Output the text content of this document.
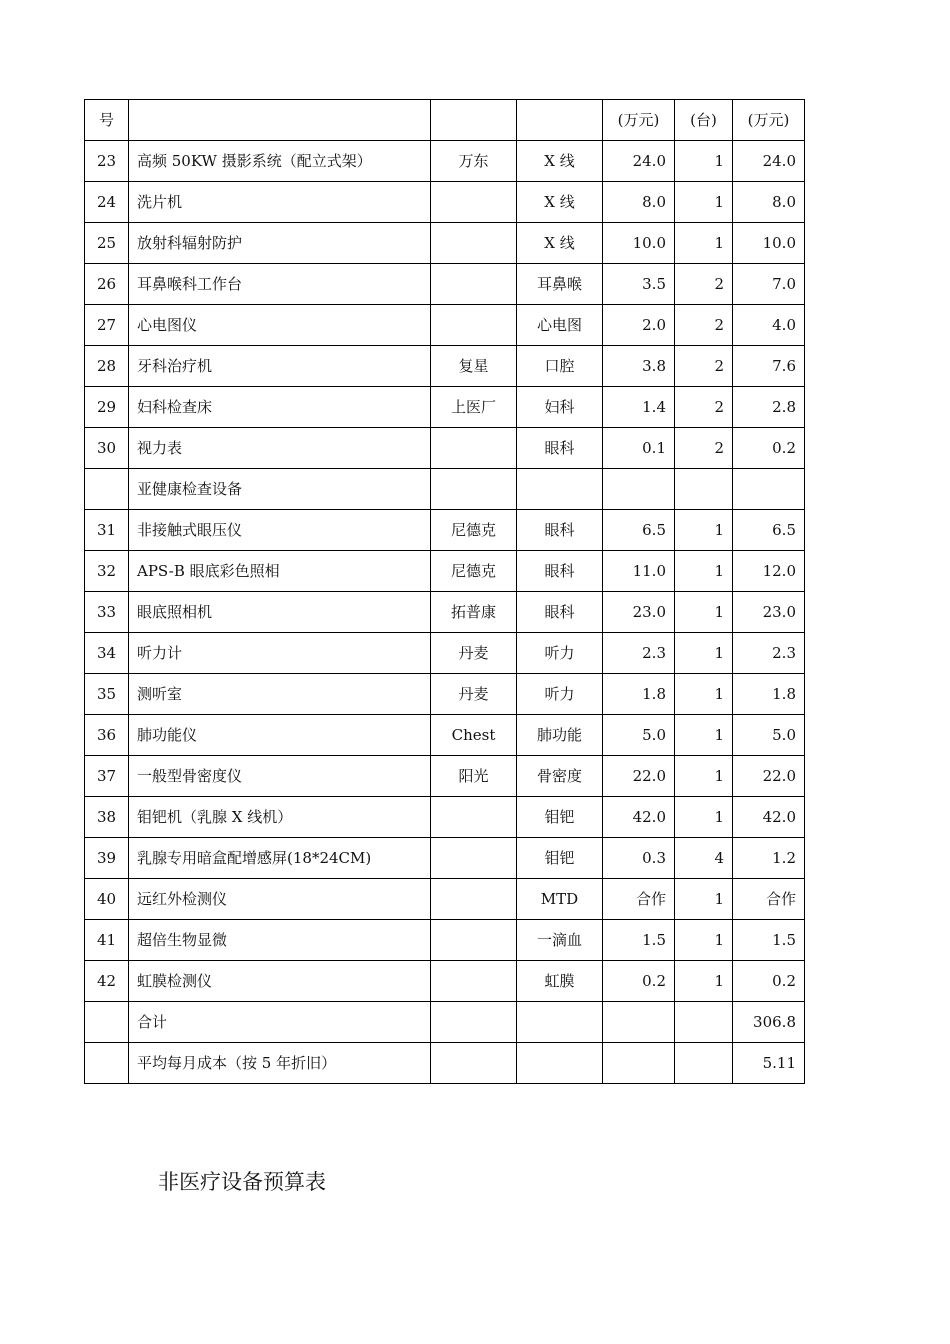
号				(万元)	(台)	(万元)
23	高频 50KW 摄影系统（配立式架）	万东	X 线	24.0	1	24.0
24	洗片机		X 线	8.0	1	8.0
25	放射科辐射防护		X 线	10.0	1	10.0
26	耳鼻喉科工作台		耳鼻喉	3.5	2	7.0
27	心电图仪		心电图	2.0	2	4.0
28	牙科治疗机	复星	口腔	3.8	2	7.6
29	妇科检查床	上医厂	妇科	1.4	2	2.8
30	视力表		眼科	0.1	2	0.2
	亚健康检查设备					
31	非接触式眼压仪	尼德克	眼科	6.5	1	6.5
32	APS-B 眼底彩色照相	尼德克	眼科	11.0	1	12.0
33	眼底照相机	拓普康	眼科	23.0	1	23.0
34	听力计	丹麦	听力	2.3	1	2.3
35	测听室	丹麦	听力	1.8	1	1.8
36	肺功能仪	Chest	肺功能	5.0	1	5.0
37	一般型骨密度仪	阳光	骨密度	22.0	1	22.0
38	钼钯机（乳腺 X 线机）		钼钯	42.0	1	42.0
39	乳腺专用暗盒配增感屏(18*24CM)		钼钯	0.3	4	1.2
40	远红外检测仪		MTD	合作	1	合作
41	超倍生物显微		一滴血	1.5	1	1.5
42	虹膜检测仪		虹膜	0.2	1	0.2
	合计					306.8
	平均每月成本（按 5 年折旧）					5.11
非医疗设备预算表
